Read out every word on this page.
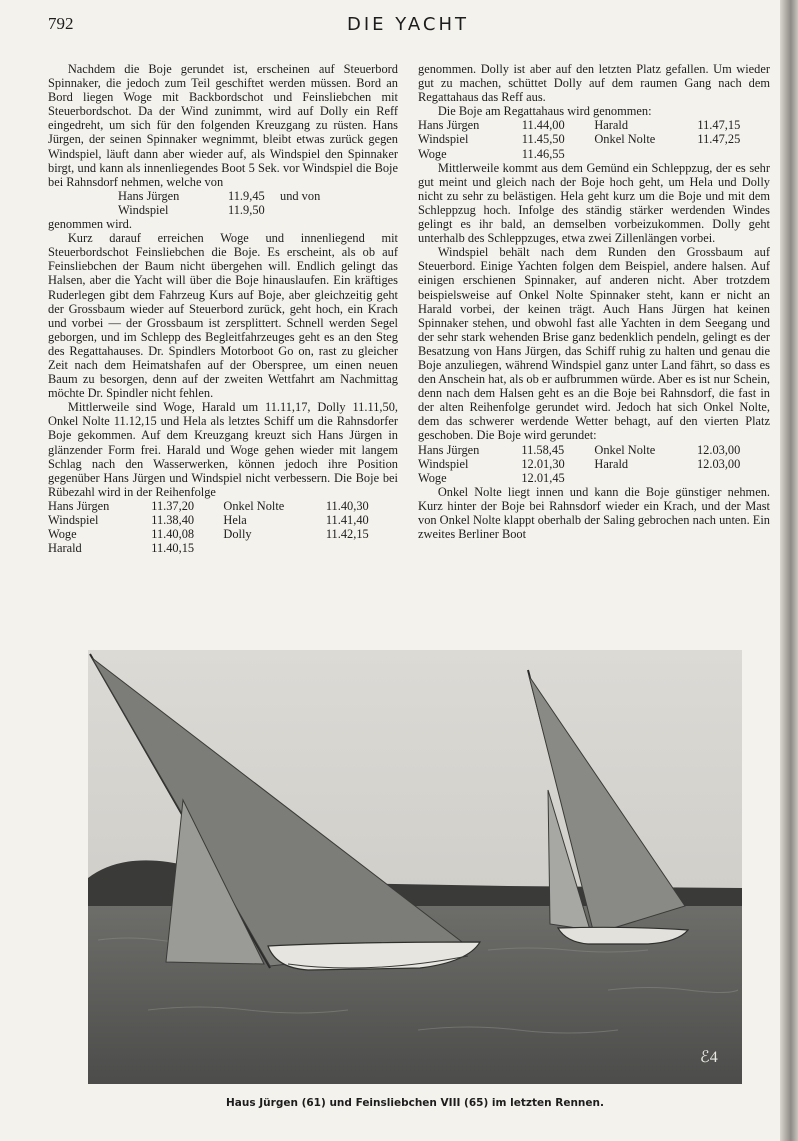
792	DIE YACHT

Nachdem die Boje gerundet ist, erscheinen auf Steuerbord Spinnaker, die jedoch zum Teil geschiftet werden müssen. Bord an Bord liegen Woge mit Backbordschot und Feinsliebchen mit Steuerbordschot. Da der Wind zunimmt, wird auf Dolly ein Reff eingedreht, um sich für den folgenden Kreuzgang zu rüsten. Hans Jürgen, der seinen Spinnaker wegnimmt, bleibt etwas zurück gegen Windspiel, läuft dann aber wieder auf, als Windspiel den Spinnaker birgt, und kann als innenliegendes Boot 5 Sek. vor Windspiel die Boje bei Rahnsdorf nehmen, welche von

Hans Jürgen	11.9,45	und von
Windspiel	11.9,50

genommen wird.

Kurz darauf erreichen Woge und innenliegend mit Steuerbordschot Feinsliebchen die Boje. Es erscheint, als ob auf Feinsliebchen der Baum nicht übergehen will. Endlich gelingt das Halsen, aber die Yacht will über die Boje hinauslaufen. Ein kräftiges Ruderlegen gibt dem Fahrzeug Kurs auf Boje, aber gleichzeitig geht der Grossbaum wieder auf Steuerbord zurück, geht hoch, ein Krach und vorbei — der Grossbaum ist zersplittert. Schnell werden Segel geborgen, und im Schlepp des Begleitfahrzeuges geht es an den Steg des Regattahauses. Dr. Spindlers Motorboot Go on, rast zu gleicher Zeit nach dem Heimatshafen auf der Oberspree, um einen neuen Baum zu besorgen, denn auf der zweiten Wettfahrt am Nachmittag möchte Dr. Spindler nicht fehlen.

Mittlerweile sind Woge, Harald um 11.11,17, Dolly 11.11,50, Onkel Nolte 11.12,15 und Hela als letztes Schiff um die Rahnsdorfer Boje gekommen. Auf dem Kreuzgang kreuzt sich Hans Jürgen in glänzender Form frei. Harald und Woge gehen wieder mit langem Schlag nach den Wasserwerken, können jedoch ihre Position gegenüber Hans Jürgen und Windspiel nicht verbessern. Die Boje bei Rübezahl wird in der Reihenfolge

Hans Jürgen	11.37,20	Onkel Nolte	11.40,30
Windspiel	11.38,40	Hela	11.41,40
Woge	11.40,08	Dolly	11.42,15
Harald	11.40,15		

genommen. Dolly ist aber auf den letzten Platz gefallen. Um wieder gut zu machen, schüttet Dolly auf dem raumen Gang nach dem Regattahaus das Reff aus.

Die Boje am Regattahaus wird genommen:

Hans Jürgen	11.44,00	Harald	11.47,15
Windspiel	11.45,50	Onkel Nolte	11.47,25
Woge	11.46,55		

Mittlerweile kommt aus dem Gemünd ein Schleppzug, der es sehr gut meint und gleich nach der Boje hoch geht, um Hela und Dolly nicht zu sehr zu belästigen. Hela geht kurz um die Boje und mit dem Schleppzug hoch. Infolge des ständig stärker werdenden Windes gelingt es ihr bald, an demselben vorbeizukommen. Dolly geht unterhalb des Schleppzuges, etwa zwei Zillenlängen vorbei.

Windspiel behält nach dem Runden den Grossbaum auf Steuerbord. Einige Yachten folgen dem Beispiel, andere halsen. Auf einigen erschienen Spinnaker, auf anderen nicht. Aber trotzdem beispielsweise auf Onkel Nolte Spinnaker steht, kann er nicht an Harald vorbei, der keinen trägt. Auch Hans Jürgen hat keinen Spinnaker stehen, und obwohl fast alle Yachten in dem Seegang und der sehr stark wehenden Brise ganz bedenklich pendeln, gelingt es der Besatzung von Hans Jürgen, das Schiff ruhig zu halten und genau die Boje anzuliegen, während Windspiel ganz unter Land fährt, so dass es den Anschein hat, als ob er aufbrummen würde. Aber es ist nur Schein, denn nach dem Halsen geht es an die Boje bei Rahnsdorf, die fast in der alten Reihenfolge gerundet wird. Jedoch hat sich Onkel Nolte, dem das schwerer werdende Wetter behagt, auf den vierten Platz geschoben. Die Boje wird gerundet:

Hans Jürgen	11.58,45	Onkel Nolte	12.03,00
Windspiel	12.01,30	Harald	12.03,00
Woge	12.01,45		

Onkel Nolte liegt innen und kann die Boje günstiger nehmen. Kurz hinter der Boje bei Rahnsdorf wieder ein Krach, und der Mast von Onkel Nolte klappt oberhalb der Saling gebrochen nach unten. Ein zweites Berliner Boot

ℰ4
Haus Jürgen (61) und Feinsliebchen VIII (65) im letzten Rennen.
